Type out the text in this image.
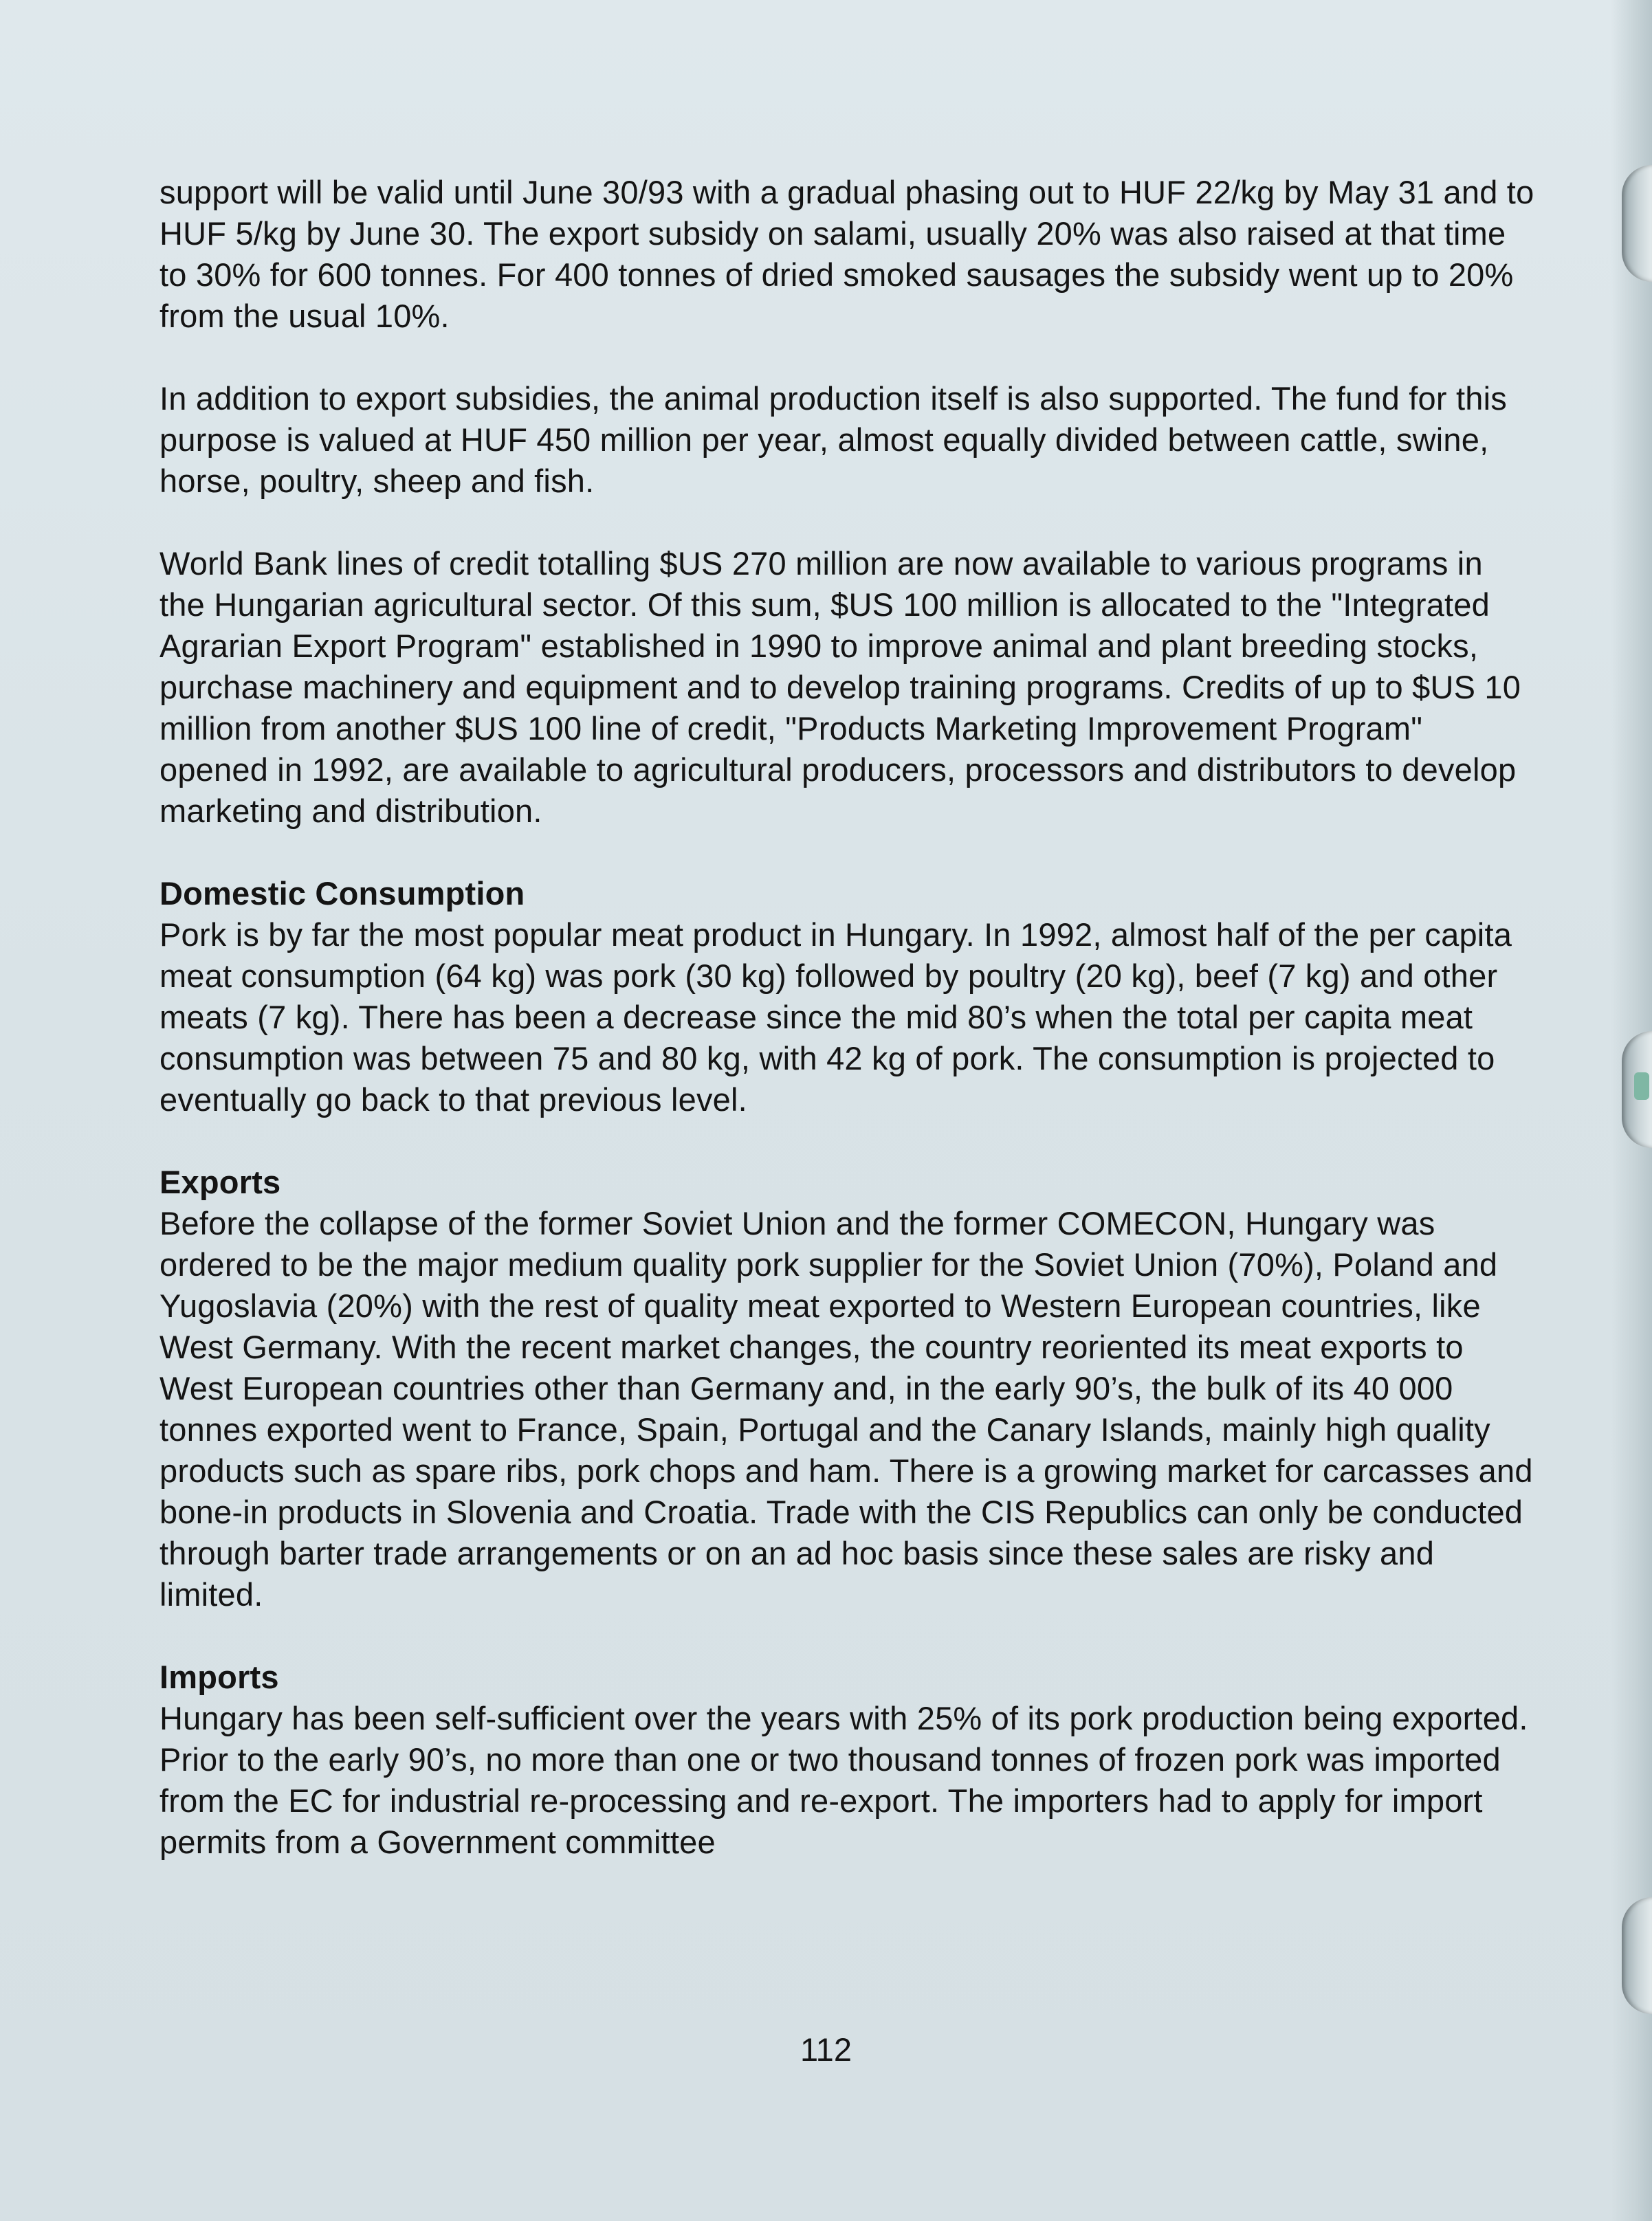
support will be valid until June 30/93 with a gradual phasing out to HUF 22/kg by May 31 and to HUF 5/kg by June 30. The export subsidy on salami, usually 20% was also raised at that time to 30% for 600 tonnes. For 400 tonnes of dried smoked sausages the subsidy went up to 20% from the usual 10%.

In addition to export subsidies, the animal production itself is also supported. The fund for this purpose is valued at HUF 450 million per year, almost equally divided between cattle, swine, horse, poultry, sheep and fish.

World Bank lines of credit totalling $US 270 million are now available to various programs in the Hungarian agricultural sector. Of this sum, $US 100 million is allocated to the "Integrated Agrarian Export Program" established in 1990 to improve animal and plant breeding stocks, purchase machinery and equipment and to develop training programs. Credits of up to $US 10 million from another $US 100 line of credit, "Products Marketing Improvement Program" opened in 1992, are available to agricultural producers, processors and distributors to develop marketing and distribution.

Domestic Consumption

Pork is by far the most popular meat product in Hungary. In 1992, almost half of the per capita meat consumption (64 kg) was pork (30 kg) followed by poultry (20 kg), beef (7 kg) and other meats (7 kg). There has been a decrease since the mid 80’s when the total per capita meat consumption was between 75 and 80 kg, with 42 kg of pork. The consumption is projected to eventually go back to that previous level.

Exports

Before the collapse of the former Soviet Union and the former COMECON, Hungary was ordered to be the major medium quality pork supplier for the Soviet Union (70%), Poland and Yugoslavia (20%) with the rest of quality meat exported to Western European countries, like West Germany. With the recent market changes, the country reoriented its meat exports to West European countries other than Germany and, in the early 90’s, the bulk of its 40 000 tonnes exported went to France, Spain, Portugal and the Canary Islands, mainly high quality products such as spare ribs, pork chops and ham. There is a growing market for carcasses and bone-in products in Slovenia and Croatia. Trade with the CIS Republics can only be conducted through barter trade arrangements or on an ad hoc basis since these sales are risky and limited.

Imports

Hungary has been self-sufficient over the years with 25% of its pork production being exported. Prior to the early 90’s, no more than one or two thousand tonnes of frozen pork was imported from the EC for industrial re-processing and re-export. The importers had to apply for import permits from a Government committee

112
